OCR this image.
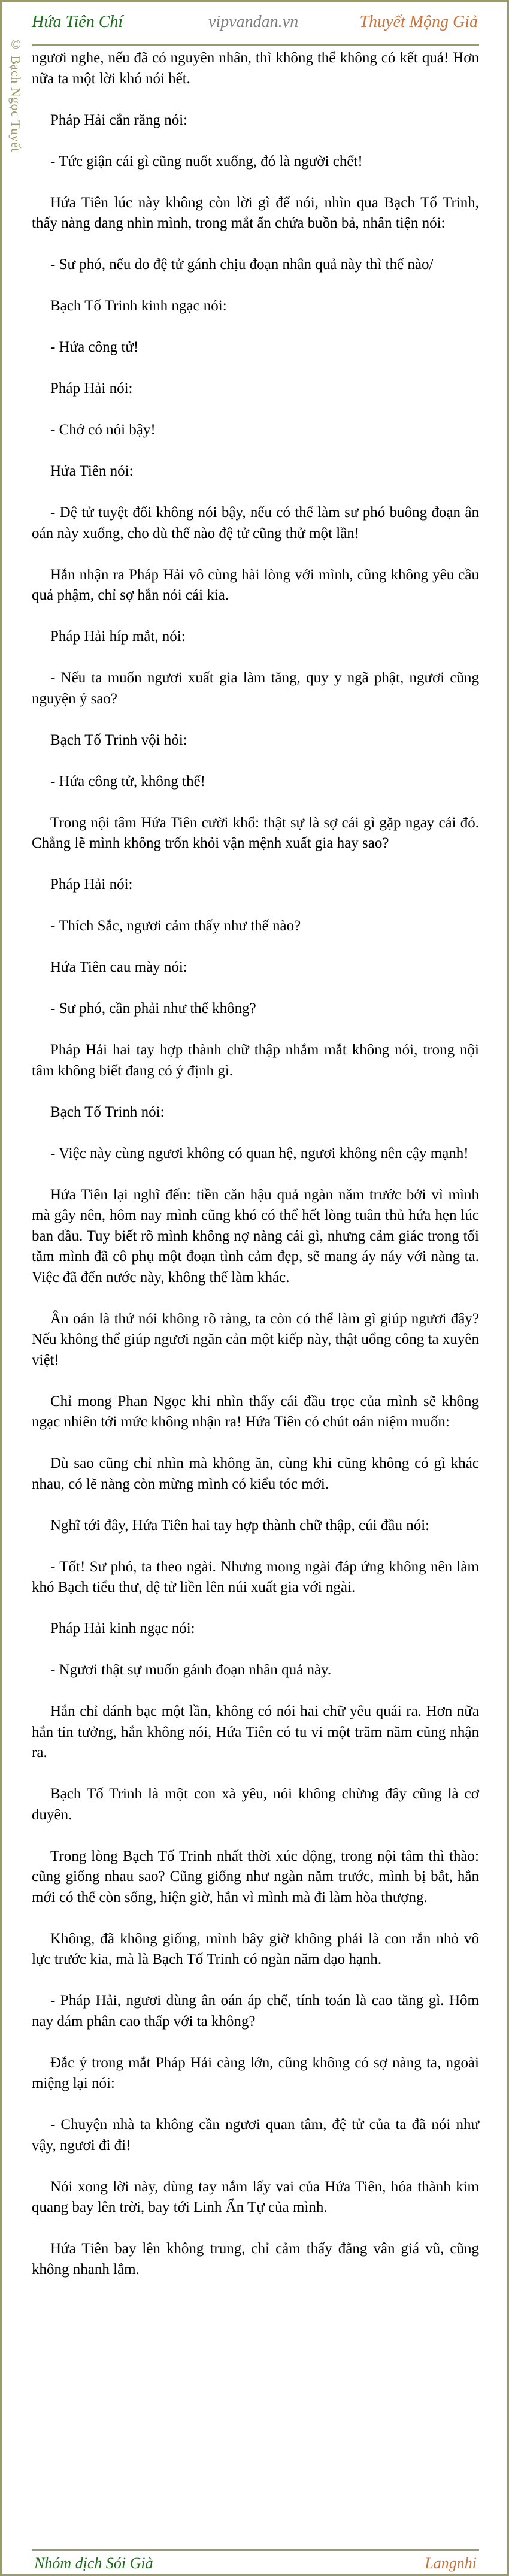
© Bạch Ngọc Tuyết
Hứa Tiên Chí	vipvandan.vn	Thuyết Mộng Giả

ngươi nghe, nếu đã có nguyên nhân, thì không thể không có kết quả! Hơn nữa ta một lời khó nói hết.

Pháp Hải cắn răng nói:

- Tức giận cái gì cũng nuốt xuống, đó là người chết!

Hứa Tiên lúc này không còn lời gì để nói, nhìn qua Bạch Tố Trinh, thấy nàng đang nhìn mình, trong mắt ẩn chứa buồn bả, nhân tiện nói:

- Sư phó, nếu do đệ tử gánh chịu đoạn nhân quả này thì thế nào/

Bạch Tố Trinh kinh ngạc nói:

- Hứa công tử!

Pháp Hải nói:

- Chớ có nói bậy!

Hứa Tiên nói:

- Đệ tử tuyệt đối không nói bậy, nếu có thể làm sư phó buông đoạn ân oán này xuống, cho dù thế nào đệ tử cũng thử một lần!

Hắn nhận ra Pháp Hải vô cùng hài lòng với mình, cũng không yêu cầu quá phậm, chỉ sợ hắn nói cái kia.

Pháp Hải híp mắt, nói:

- Nếu ta muốn ngươi xuất gia làm tăng, quy y ngã phật, ngươi cũng nguyện ý sao?

Bạch Tố Trinh vội hỏi:

- Hứa công tử, không thể!

Trong nội tâm Hứa Tiên cười khổ: thật sự là sợ cái gì gặp ngay cái đó. Chẳng lẽ mình không trốn khỏi vận mệnh xuất gia hay sao?

Pháp Hải nói:

- Thích Sắc, ngươi cảm thấy như thế nào?

Hứa Tiên cau mày nói:

- Sư phó, cần phải như thế không?

Pháp Hải hai tay hợp thành chữ thập nhắm mắt không nói, trong nội tâm không biết đang có ý định gì.

Bạch Tố Trinh nói:

- Việc này cùng ngươi không có quan hệ, ngươi không nên cậy mạnh!

Hứa Tiên lại nghĩ đến: tiền căn hậu quả ngàn năm trước bởi vì mình mà gây nên, hôm nay mình cũng khó có thể hết lòng tuân thủ hứa hẹn lúc ban đầu. Tuy biết rõ mình không nợ nàng cái gì, nhưng cảm giác trong tối tăm mình đã cô phụ một đoạn tình cảm đẹp, sẽ mang áy náy với nàng ta. Việc đã đến nước này, không thể làm khác.

Ân oán là thứ nói không rõ ràng, ta còn có thể làm gì giúp ngươi đây? Nếu không thể giúp ngươi ngăn cản một kiếp này, thật uổng công ta xuyên việt!

Chỉ mong Phan Ngọc khi nhìn thấy cái đầu trọc của mình sẽ không ngạc nhiên tới mức không nhận ra! Hứa Tiên có chút oán niệm muốn:

Dù sao cũng chỉ nhìn mà không ăn, cùng khi cũng không có gì khác nhau, có lẽ nàng còn mừng mình có kiểu tóc mới.

Nghĩ tới đây, Hứa Tiên hai tay hợp thành chữ thập, cúi đầu nói:

- Tốt! Sư phó, ta theo ngài. Nhưng mong ngài đáp ứng không nên làm khó Bạch tiểu thư, đệ tử liền lên núi xuất gia với ngài.

Pháp Hải kinh ngạc nói:

- Ngươi thật sự muốn gánh đoạn nhân quả này.

Hắn chỉ đánh bạc một lần, không có nói hai chữ yêu quái ra. Hơn nữa hắn tin tưởng, hắn không nói, Hứa Tiên có tu vi một trăm năm cũng nhận ra.

Bạch Tố Trinh là một con xà yêu, nói không chừng đây cũng là cơ duyên.

Trong lòng Bạch Tố Trinh nhất thời xúc động, trong nội tâm thì thào: cũng giống nhau sao? Cũng giống như ngàn năm trước, mình bị bắt, hắn mới có thể còn sống, hiện giờ, hắn vì mình mà đi làm hòa thượng.

Không, đã không giống, mình bây giờ không phải là con rắn nhỏ vô lực trước kia, mà là Bạch Tố Trinh có ngàn năm đạo hạnh.

- Pháp Hải, ngươi dùng ân oán áp chế, tính toán là cao tăng gì. Hôm nay dám phân cao thấp với ta không?

Đắc ý trong mắt Pháp Hải càng lớn, cũng không có sợ nàng ta, ngoài miệng lại nói:

- Chuyện nhà ta không cần ngươi quan tâm, đệ tử của ta đã nói như vậy, ngươi đi đi!

Nói xong lời này, dùng tay nắm lấy vai của Hứa Tiên, hóa thành kim quang bay lên trời, bay tới Linh Ẩn Tự của mình.

Hứa Tiên bay lên không trung, chỉ cảm thấy đằng vân giá vũ, cũng không nhanh lắm.

Nhóm dịch Sói Già	Langnhi
